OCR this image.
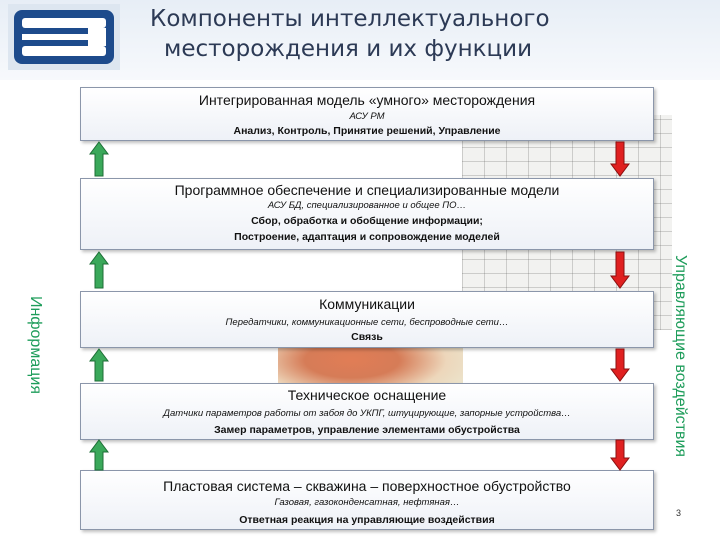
Компоненты интеллектуального
месторождения и их функции
Интегрированная модель «умного» месторождения
АСУ РМ
Анализ, Контроль, Принятие решений, Управление
Программное обеспечение и специализированные модели
АСУ БД, специализированное и общее ПО…
Сбор, обработка и обобщение информации;
Построение, адаптация и сопровождение моделей
Коммуникации
Передатчики, коммуникационные сети, беспроводные сети…
Связь
Техническое оснащение
Датчики параметров работы от забоя до УКПГ, штуцирующие, запорные устройства…
Замер параметров, управление элементами обустройства
Пластовая система – скважина – поверхностное обустройство
Газовая, газоконденсатная, нефтяная…
Ответная реакция на управляющие воздействия
Информация	Управляющие воздействия
3
